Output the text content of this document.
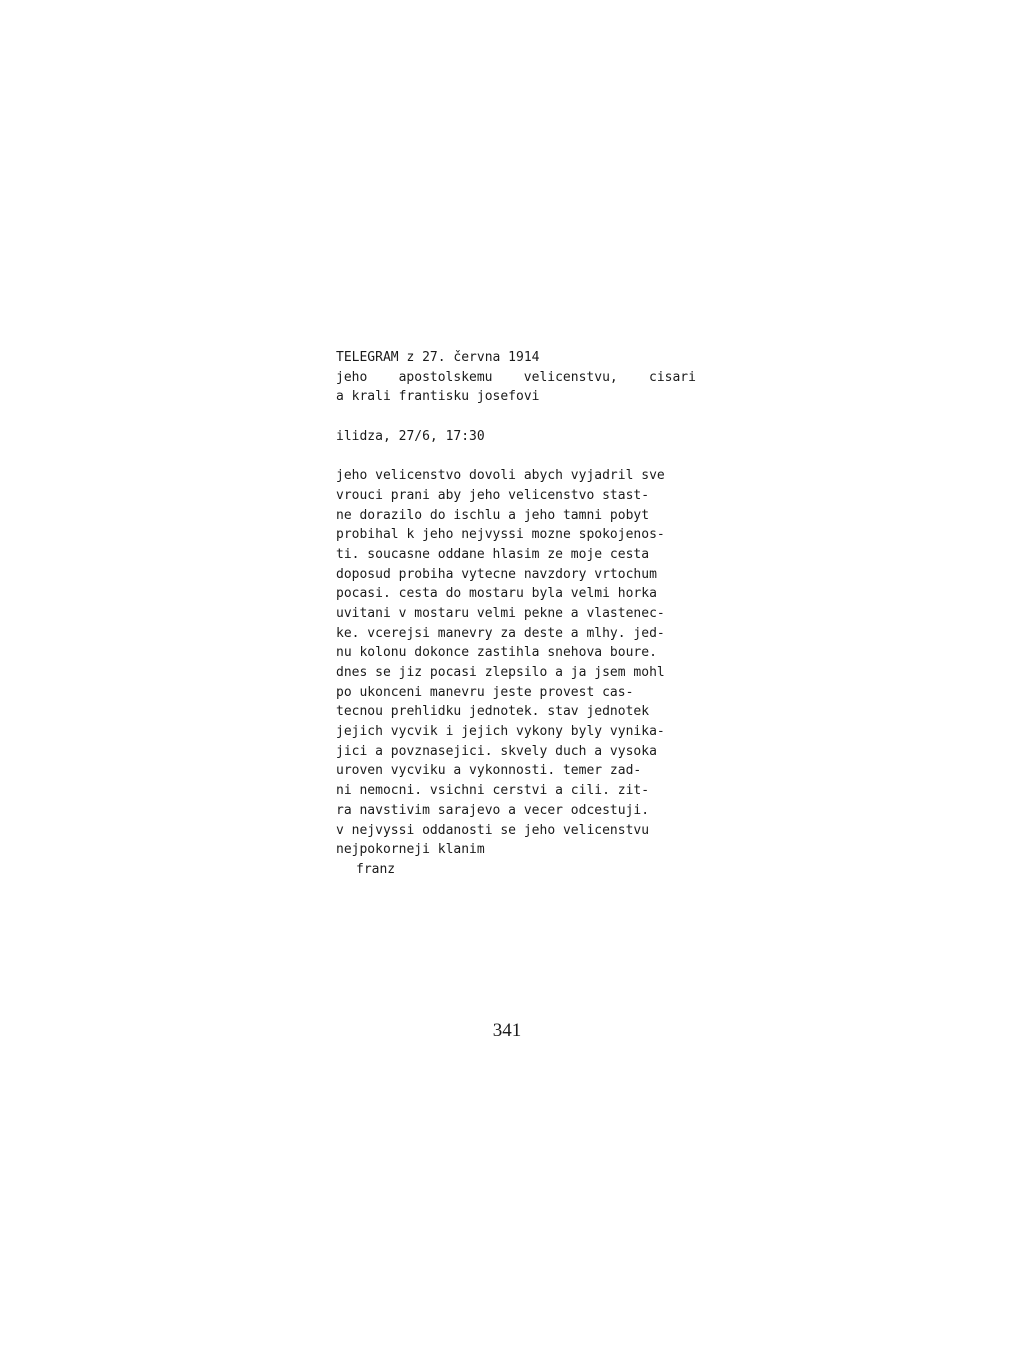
TELEGRAM z 27. června 1914
jeho apostolskemu velicenstvu, cisari
a krali frantisku josefovi
ilidza, 27/6, 17:30
jeho velicenstvo dovoli abych vyjadril sve
vrouci prani aby jeho velicenstvo stast-
ne dorazilo do ischlu a jeho tamni pobyt
probihal k jeho nejvyssi mozne spokojenos-
ti. soucasne oddane hlasim ze moje cesta
doposud probiha vytecne navzdory vrtochum
pocasi. cesta do mostaru byla velmi horka
uvitani v mostaru velmi pekne a vlastenec-
ke. vcerejsi manevry za deste a mlhy. jed-
nu kolonu dokonce zastihla snehova boure.
dnes se jiz pocasi zlepsilo a ja jsem mohl
po ukonceni manevru jeste provest cas-
tecnou prehlidku jednotek. stav jednotek
jejich vycvik i jejich vykony byly vynika-
jici a povznasejici. skvely duch a vysoka
uroven vycviku a vykonnosti. temer zad-
ni nemocni. vsichni cerstvi a cili. zit-
ra navstivim sarajevo a vecer odcestuji.
v nejvyssi oddanosti se jeho velicenstvu
nejpokorneji klanim
franz
341
